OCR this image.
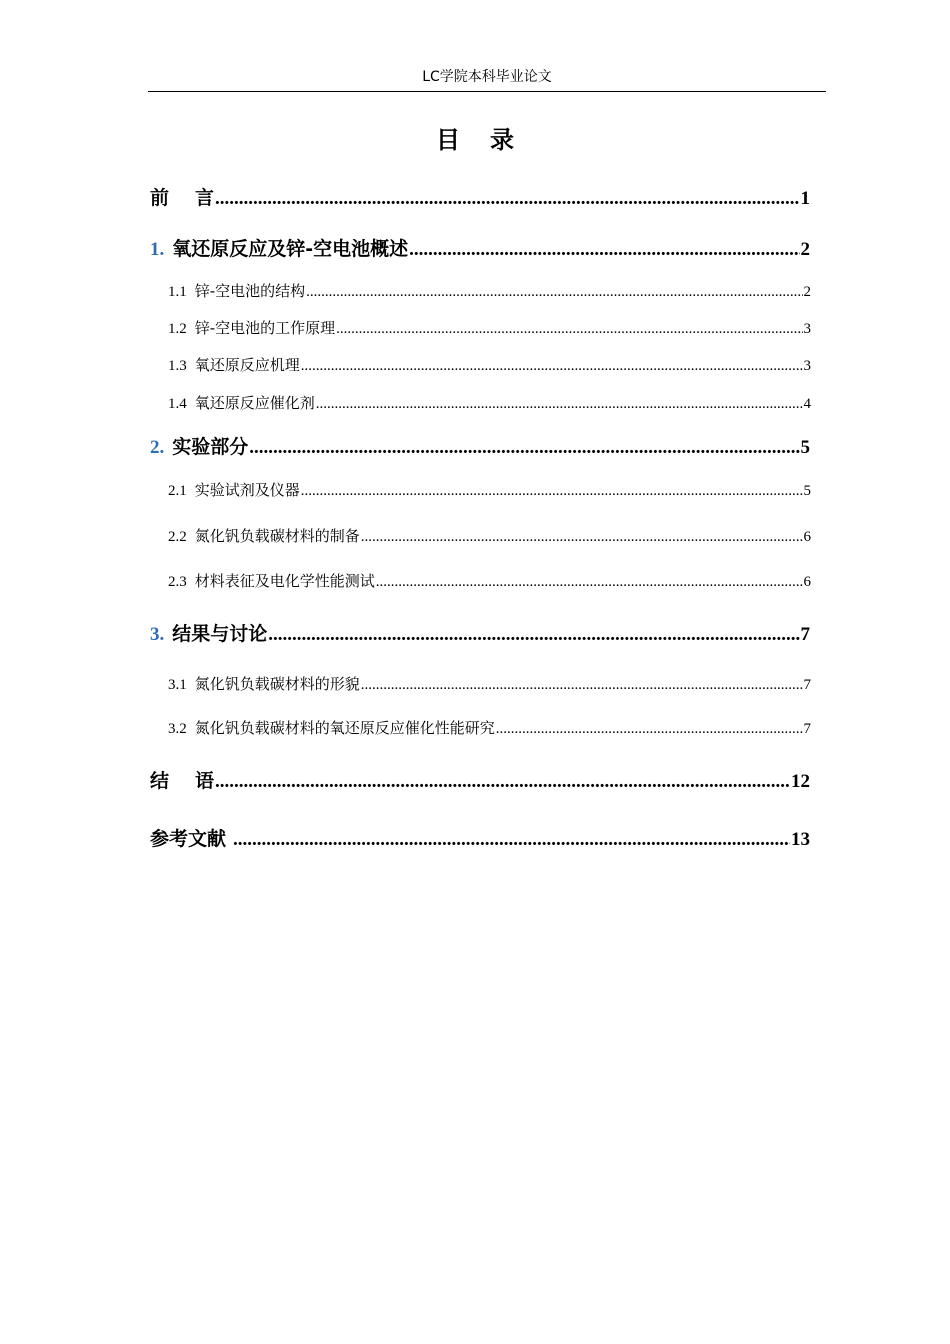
LC学院本科毕业论文
目录
前 言 .....	1
1. 氧还原反应及锌-空电池概述 .....	2
1.1 锌-空电池的结构 .....	2
1.2 锌-空电池的工作原理 .....	3
1.3 氧还原反应机理 .....	3
1.4 氧还原反应催化剂 .....	4
2. 实验部分 .....	5
2.1 实验试剂及仪器 .....	5
2.2 氮化钒负载碳材料的制备 .....	6
2.3 材料表征及电化学性能测试 .....	6
3. 结果与讨论 .....	7
3.1 氮化钒负载碳材料的形貌 .....	7
3.2 氮化钒负载碳材料的氧还原反应催化性能研究 .....	7
结 语 .....	12
参考文献 .....	13
